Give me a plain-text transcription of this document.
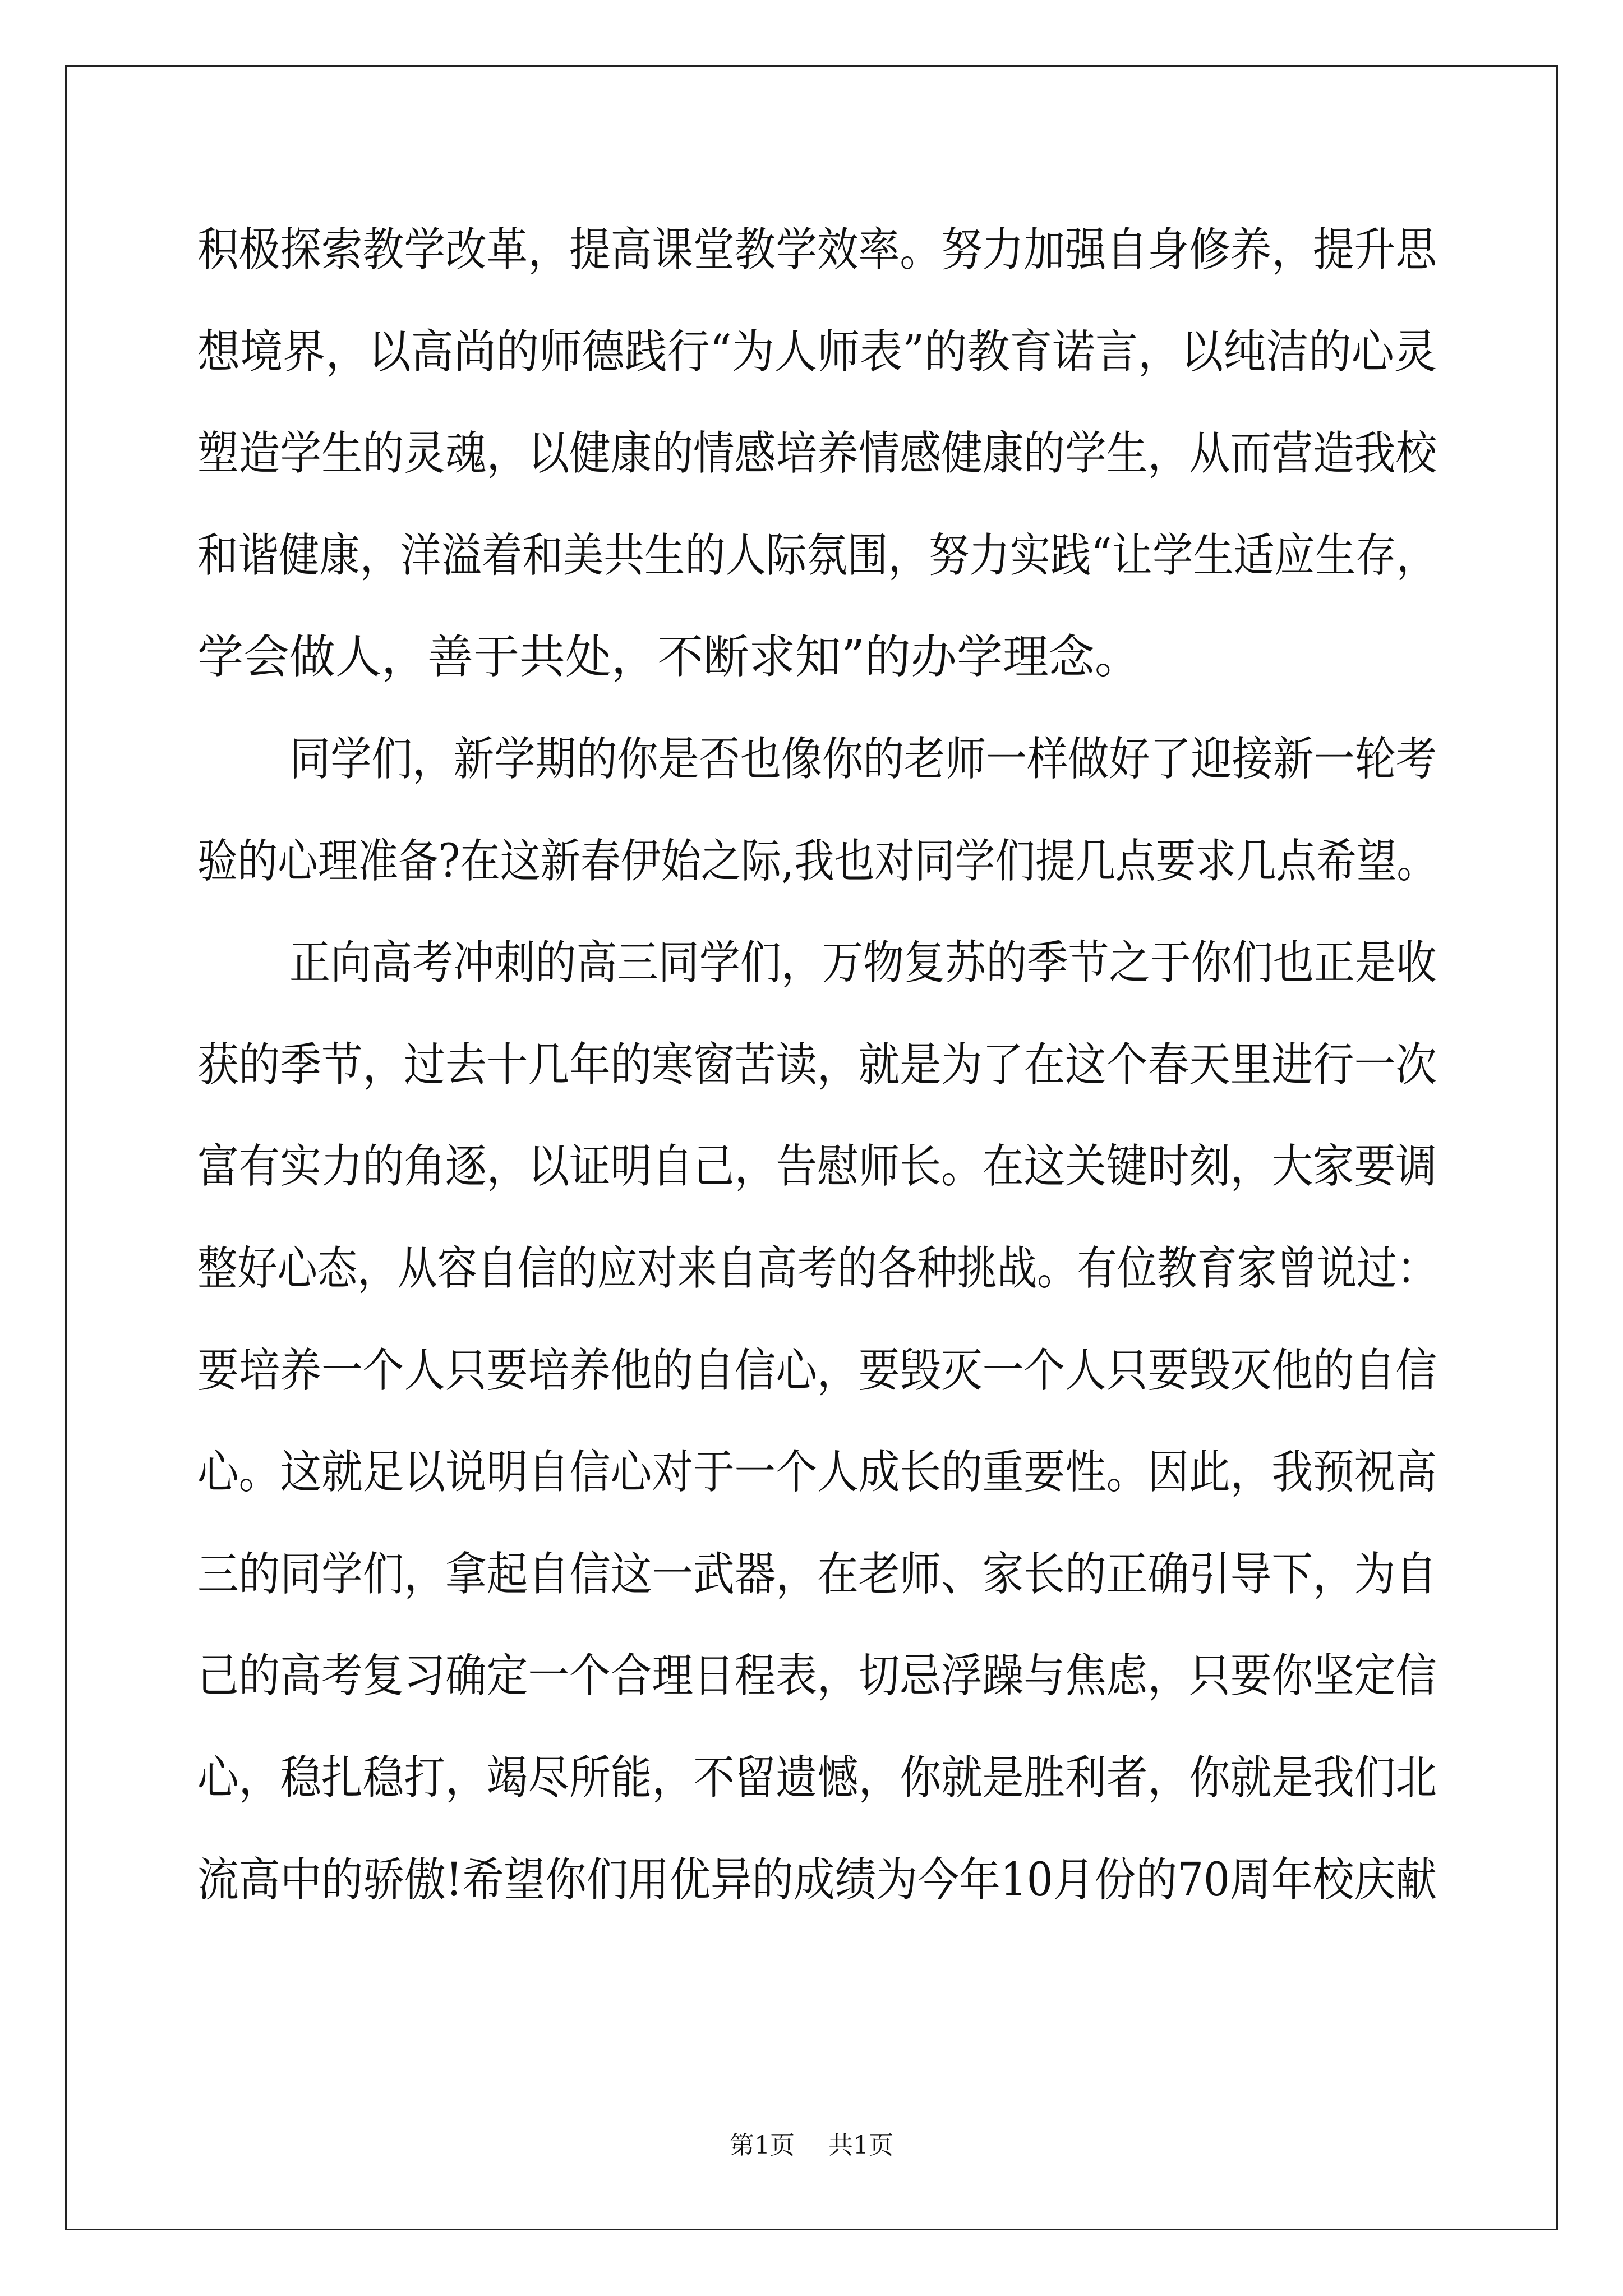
积极探索教学改革，提高课堂教学效率。努力加强自身修养，提升思
想境界，以高尚的师德践行“为人师表”的教育诺言，以纯洁的心灵
塑造学生的灵魂，以健康的情感培养情感健康的学生，从而营造我校
和谐健康，洋溢着和美共生的人际氛围，努力实践“让学生适应生存，
学会做人，善于共处，不断求知”的办学理念。
同学们，新学期的你是否也像你的老师一样做好了迎接新一轮考
验的心理准备?在这新春伊始之际,我也对同学们提几点要求几点希望。
正向高考冲刺的高三同学们，万物复苏的季节之于你们也正是收
获的季节，过去十几年的寒窗苦读，就是为了在这个春天里进行一次
富有实力的角逐，以证明自己，告慰师长。在这关键时刻，大家要调
整好心态，从容自信的应对来自高考的各种挑战。有位教育家曾说过：
要培养一个人只要培养他的自信心，要毁灭一个人只要毁灭他的自信
心。这就足以说明自信心对于一个人成长的重要性。因此，我预祝高
三的同学们，拿起自信这一武器，在老师、家长的正确引导下，为自
己的高考复习确定一个合理日程表，切忌浮躁与焦虑，只要你坚定信
心，稳扎稳打，竭尽所能，不留遗憾，你就是胜利者，你就是我们北
流高中的骄傲!希望你们用优异的成绩为今年10月份的70周年校庆献
第1页 共1页
